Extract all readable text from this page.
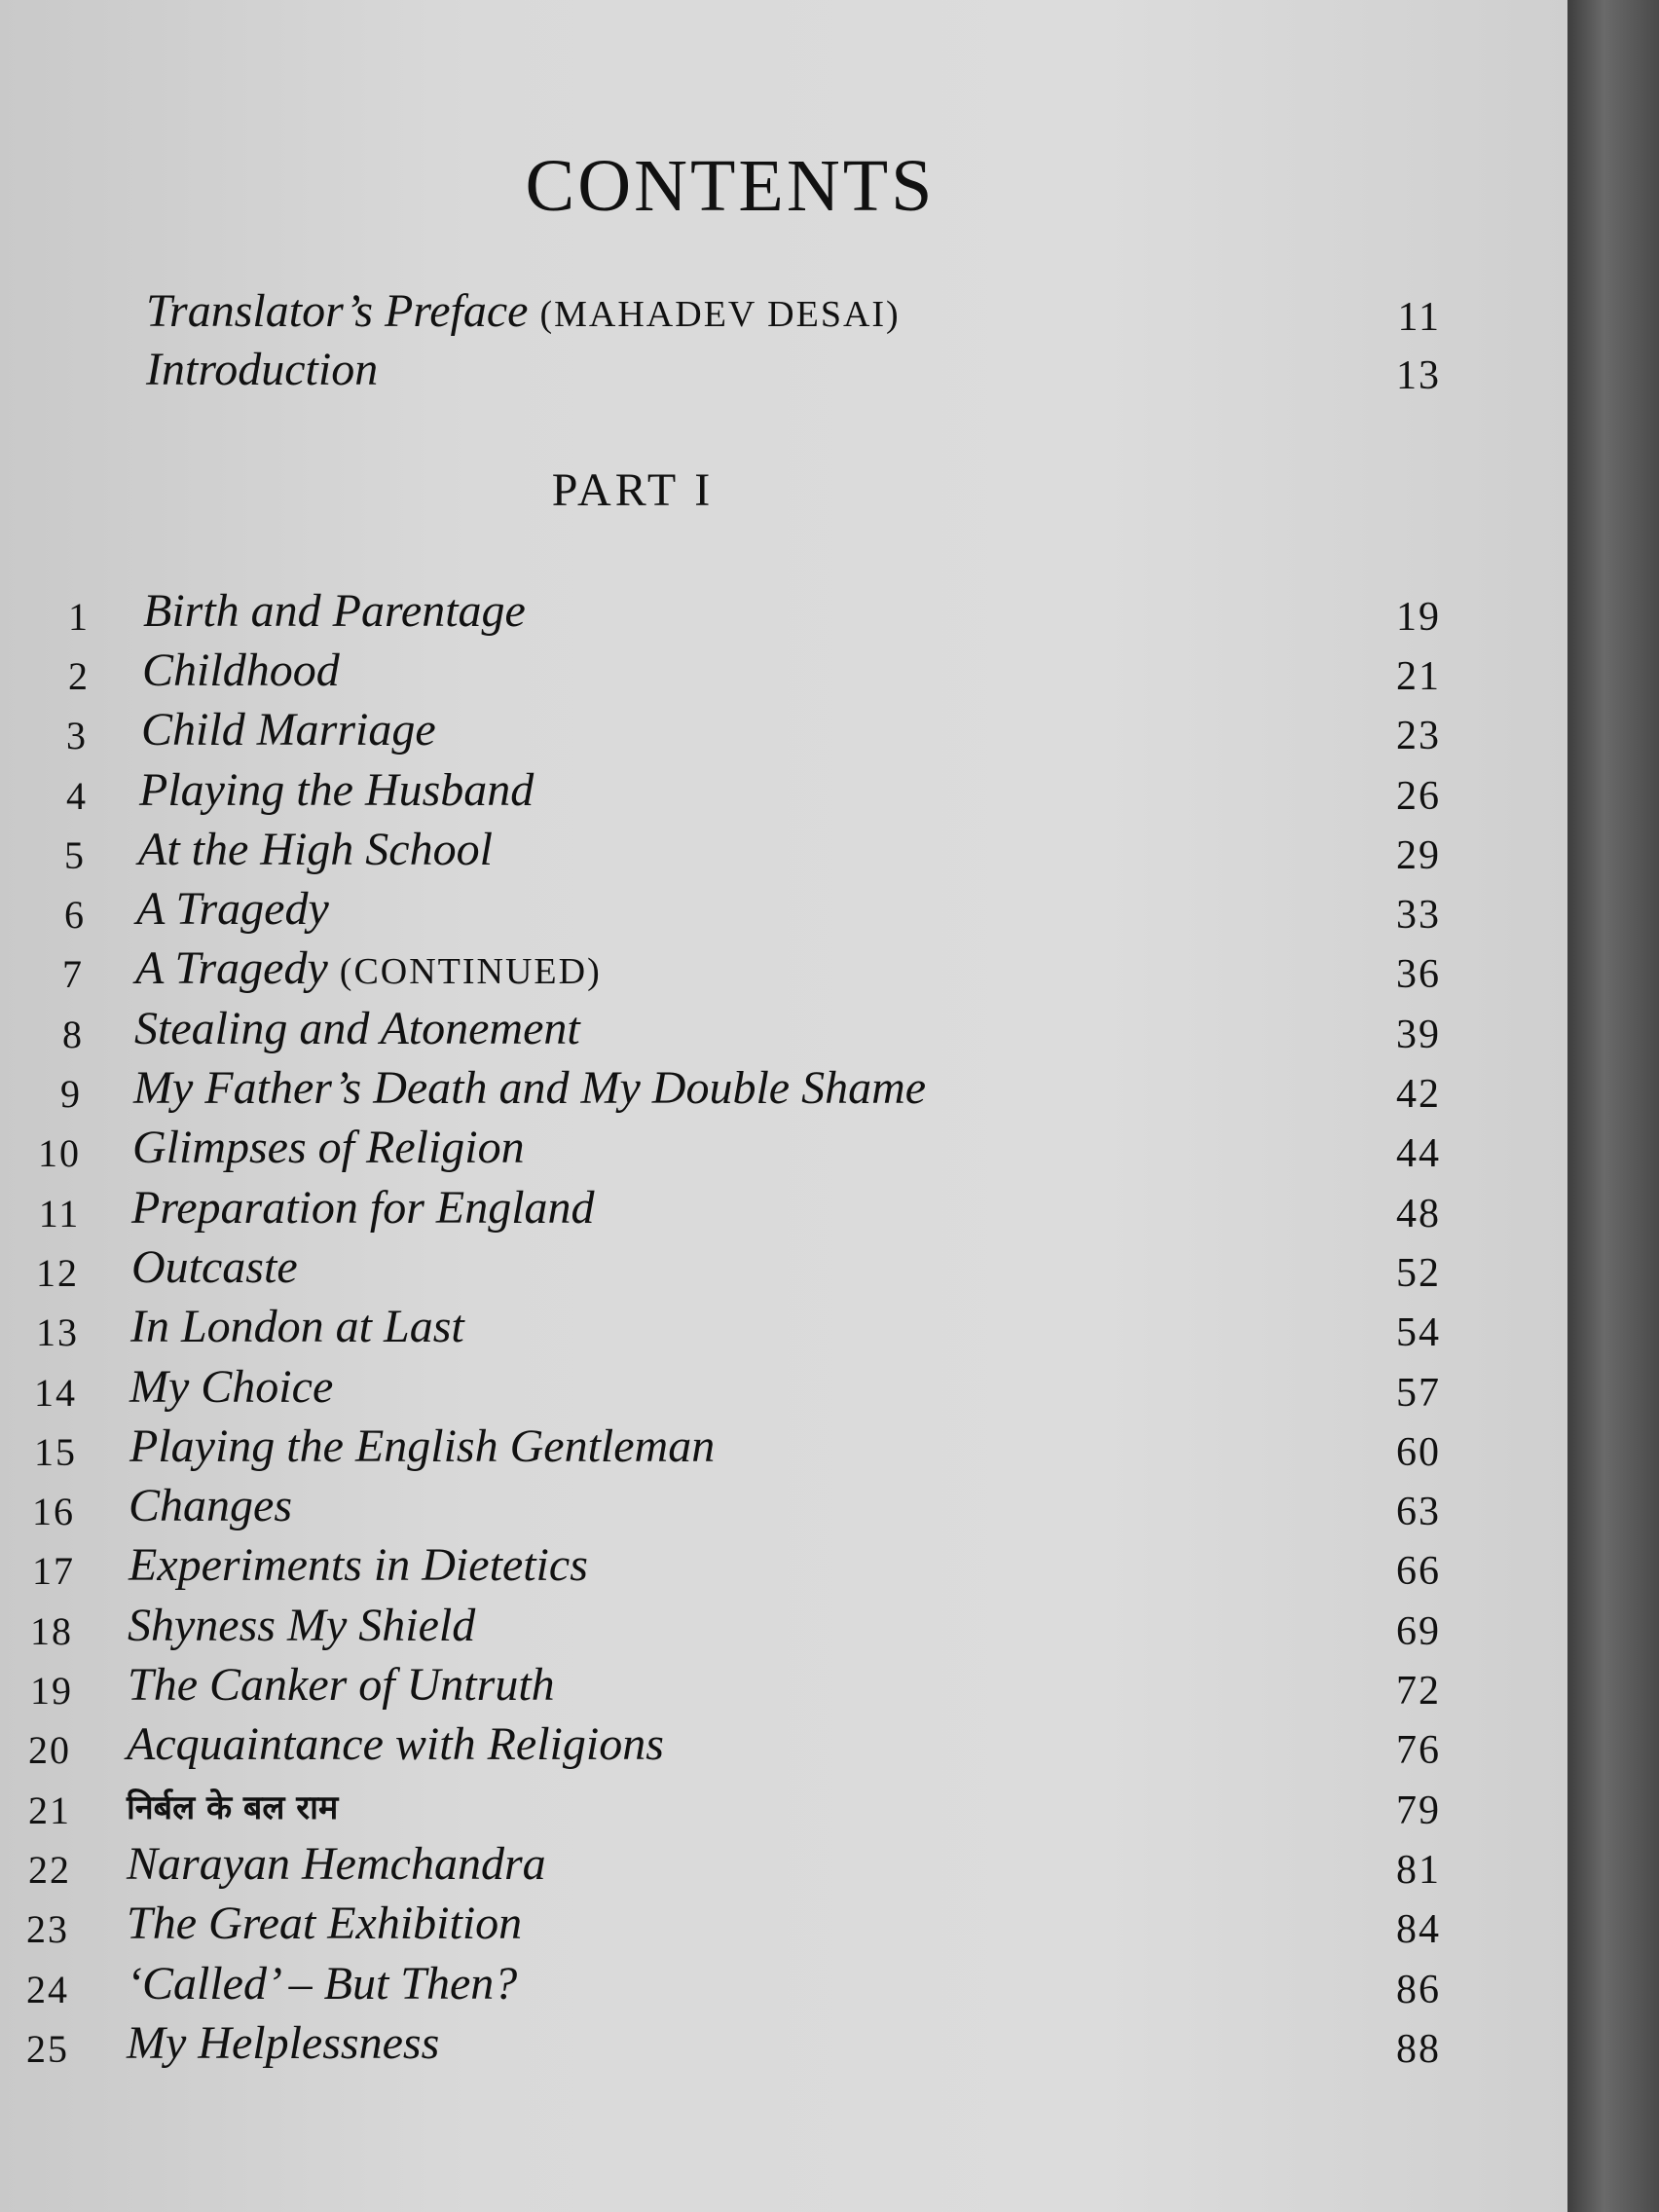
CONTENTS
Translator’s Preface (MAHADEV DESAI)	11
Introduction	13
PART I
1	Birth and Parentage	19
2	Childhood	21
3	Child Marriage	23
4	Playing the Husband	26
5	At the High School	29
6	A Tragedy	33
7	A Tragedy (CONTINUED)	36
8	Stealing and Atonement	39
9	My Father’s Death and My Double Shame	42
10	Glimpses of Religion	44
11	Preparation for England	48
12	Outcaste	52
13	In London at Last	54
14	My Choice	57
15	Playing the English Gentleman	60
16	Changes	63
17	Experiments in Dietetics	66
18	Shyness My Shield	69
19	The Canker of Untruth	72
20	Acquaintance with Religions	76
21	निर्बल के बल राम	79
22	Narayan Hemchandra	81
23	The Great Exhibition	84
24	‘Called’ – But Then?	86
25	My Helplessness	88
